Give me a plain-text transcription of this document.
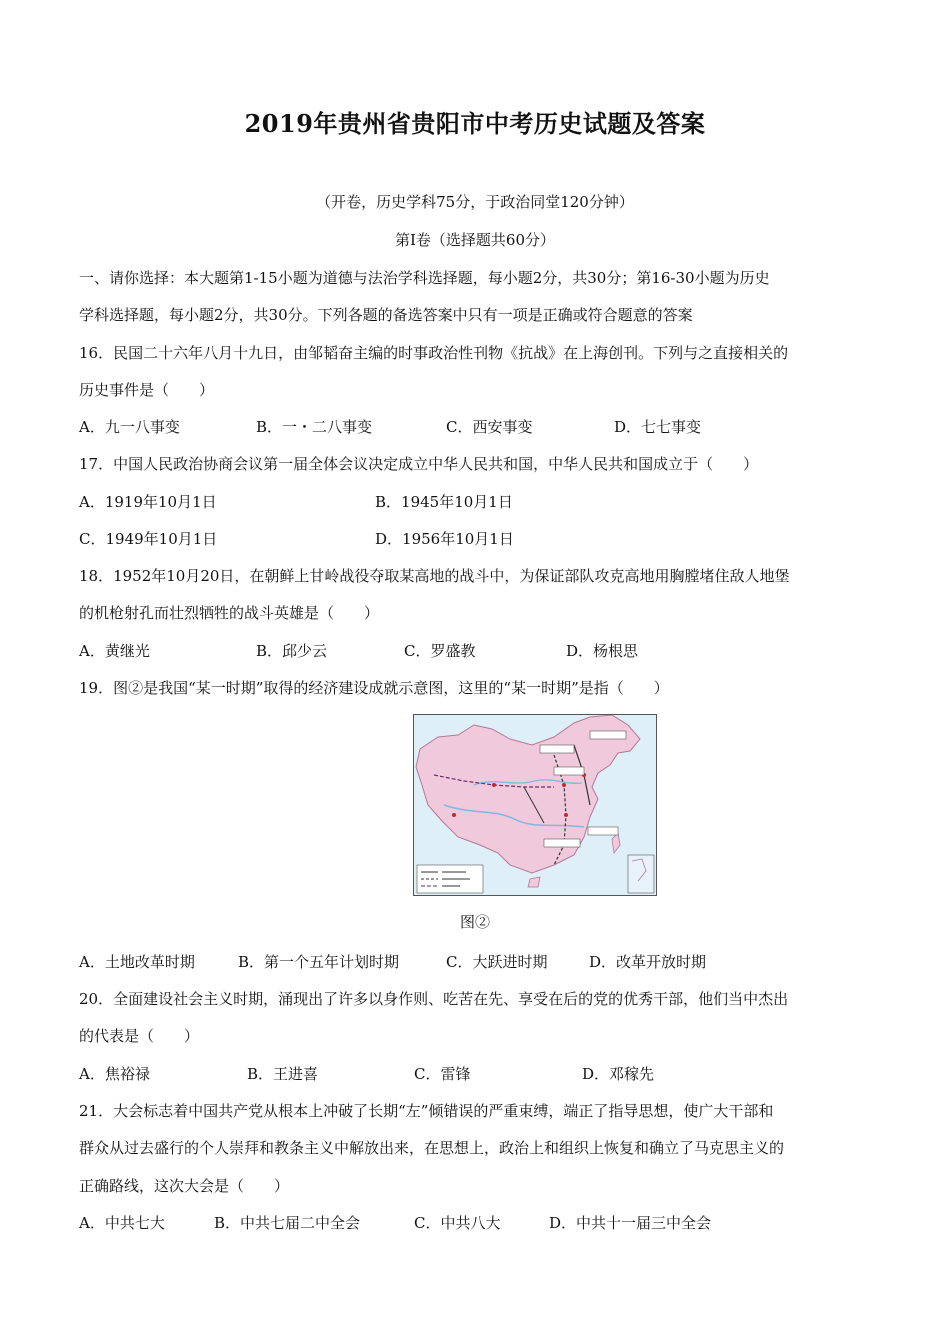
2019年贵州省贵阳市中考历史试题及答案
（开卷，历史学科75分，于政治同堂120分钟）
第Ⅰ卷（选择题共60分）
一、请你选择：本大题第1-15小题为道德与法治学科选择题，每小题2分，共30分；第16-30小题为历史
学科选择题，每小题2分，共30分。下列各题的备选答案中只有一项是正确或符合题意的答案
16．民国二十六年八月十九日，由邹韬奋主编的时事政治性刊物《抗战》在上海创刊。下列与之直接相关的
历史事件是（　　）
A．九一八事变	B．一・二八事变	C．西安事变	D．七七事变
17．中国人民政治协商会议第一届全体会议决定成立中华人民共和国，中华人民共和国成立于（　　）
A．1919年10月1日	B．1945年10月1日
C．1949年10月1日	D．1956年10月1日
18．1952年10月20日，在朝鲜上甘岭战役夺取某高地的战斗中，为保证部队攻克高地用胸膛堵住敌人地堡
的机枪射孔而壮烈牺牲的战斗英雄是（　　）
A．黄继光	B．邱少云	C．罗盛教	D．杨根思
19．图②是我国“某一时期”取得的经济建设成就示意图，这里的“某一时期”是指（　　）
图②
A．土地改革时期	B．第一个五年计划时期	C．大跃进时期	D．改革开放时期
20．全面建设社会主义时期，涌现出了许多以身作则、吃苦在先、享受在后的党的优秀干部，他们当中杰出
的代表是（　　）
A．焦裕禄	B．王进喜	C．雷锋	D．邓稼先
21．大会标志着中国共产党从根本上冲破了长期“左”倾错误的严重束缚，端正了指导思想，使广大干部和
群众从过去盛行的个人崇拜和教条主义中解放出来，在思想上，政治上和组织上恢复和确立了马克思主义的
正确路线，这次大会是（　　）
A．中共七大	B．中共七届二中全会	C．中共八大	D．中共十一届三中全会
